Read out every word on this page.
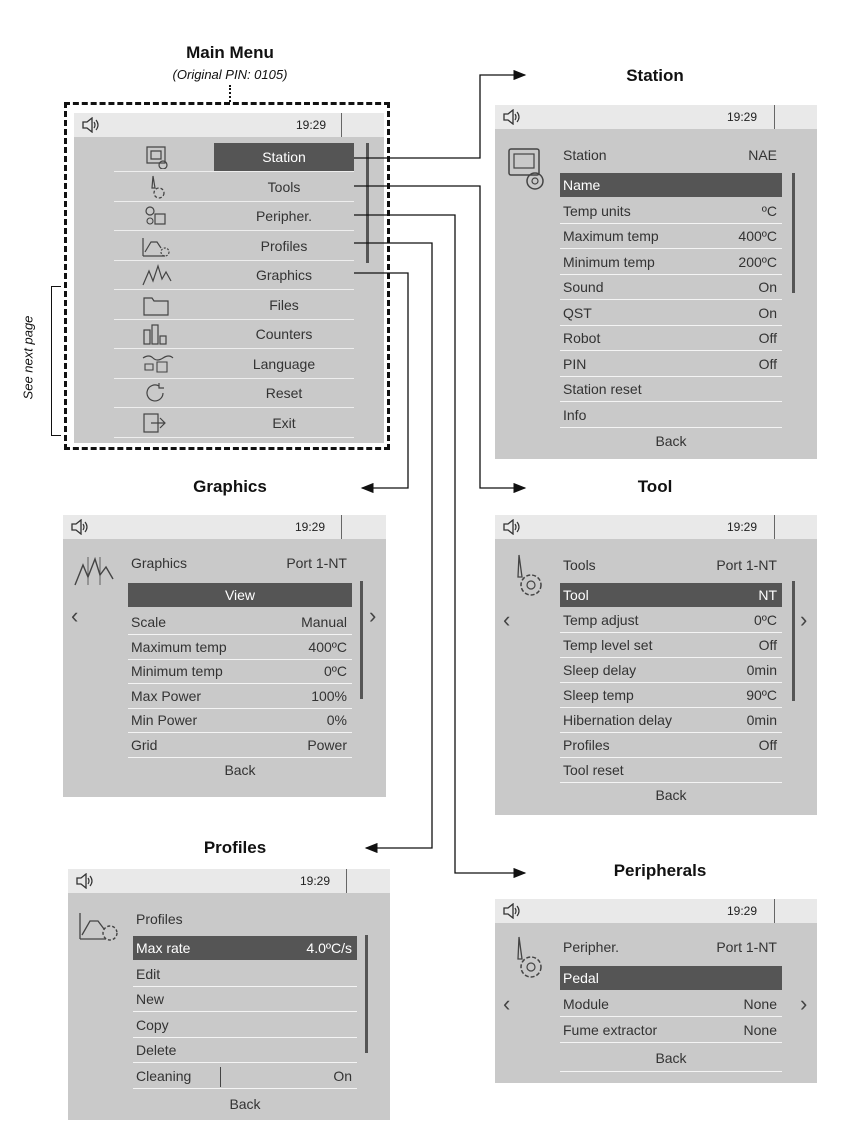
Main Menu
(Original PIN: 0105)	Station
Graphics	Tool
Profiles
Peripherals
See next page
19:29
Station
Tools
Peripher.
Profiles
Graphics
Files
Counters
Language
Reset
Exit
19:29
Station	NAE
Name
Temp units	ºC
Maximum temp	400ºC
Minimum temp	200ºC
Sound	On
QST	On
Robot	Off
PIN	Off
Station reset
Info
Back
19:29
‹	›
Graphics	Port 1-NT
View
Scale	Manual
Maximum temp	400ºC
Minimum temp	0ºC
Max Power	100%
Min Power	0%
Grid	Power
Back
19:29
‹	›
Tools	Port 1-NT
Tool	NT
Temp adjust	0ºC
Temp level set	Off
Sleep delay	0min
Sleep temp	90ºC
Hibernation delay	0min
Profiles	Off
Tool reset
Back
19:29
Profiles
Max rate	4.0ºC/s
Edit
New
Copy
Delete
Cleaning	On
Back
19:29
‹	›
Peripher.	Port 1-NT
Pedal
Module	None
Fume extractor	None
Back
